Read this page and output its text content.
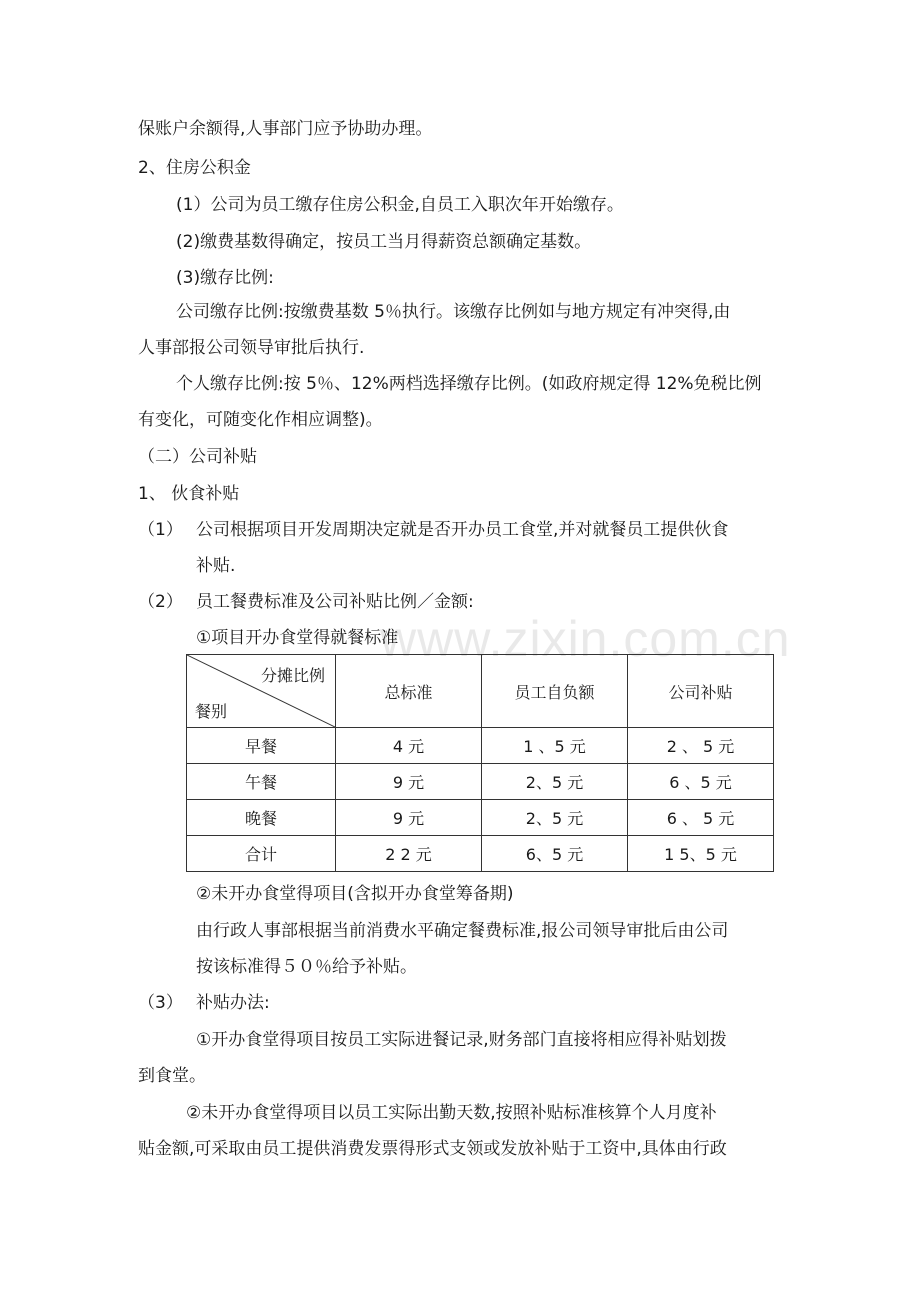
www.zixin.com.cn
保账户余额得,人事部门应予协助办理。
2、住房公积金
(1）公司为员工缴存住房公积金,自员工入职次年开始缴存。
(2)缴费基数得确定，按员工当月得薪资总额确定基数。
(3)缴存比例:
公司缴存比例:按缴费基数 5％执行。该缴存比例如与地方规定有冲突得,由
人事部报公司领导审批后执行.
个人缴存比例:按 5％、12%两档选择缴存比例。(如政府规定得 12%免税比例
有变化，可随变化作相应调整)。
（二）公司补贴
1、 伙食补贴
（1） 公司根据项目开发周期决定就是否开办员工食堂,并对就餐员工提供伙食
补贴.
（2） 员工餐费标准及公司补贴比例／金额:
①项目开办食堂得就餐标准
分摊比例
餐别	总标准	员工自负额	公司补贴
早餐	4 元	1 、5 元	2 、 5 元
午餐	9 元	2、5 元	6 、5 元
晚餐	9 元	2、5 元	6 、 5 元
合计	2 2 元	6、5 元	1 5、5 元
②未开办食堂得项目(含拟开办食堂筹备期)
由行政人事部根据当前消费水平确定餐费标准,报公司领导审批后由公司
按该标准得５０％给予补贴。
（3） 补贴办法:
①开办食堂得项目按员工实际进餐记录,财务部门直接将相应得补贴划拨
到食堂。
②未开办食堂得项目以员工实际出勤天数,按照补贴标准核算个人月度补
贴金额,可采取由员工提供消费发票得形式支领或发放补贴于工资中,具体由行政
